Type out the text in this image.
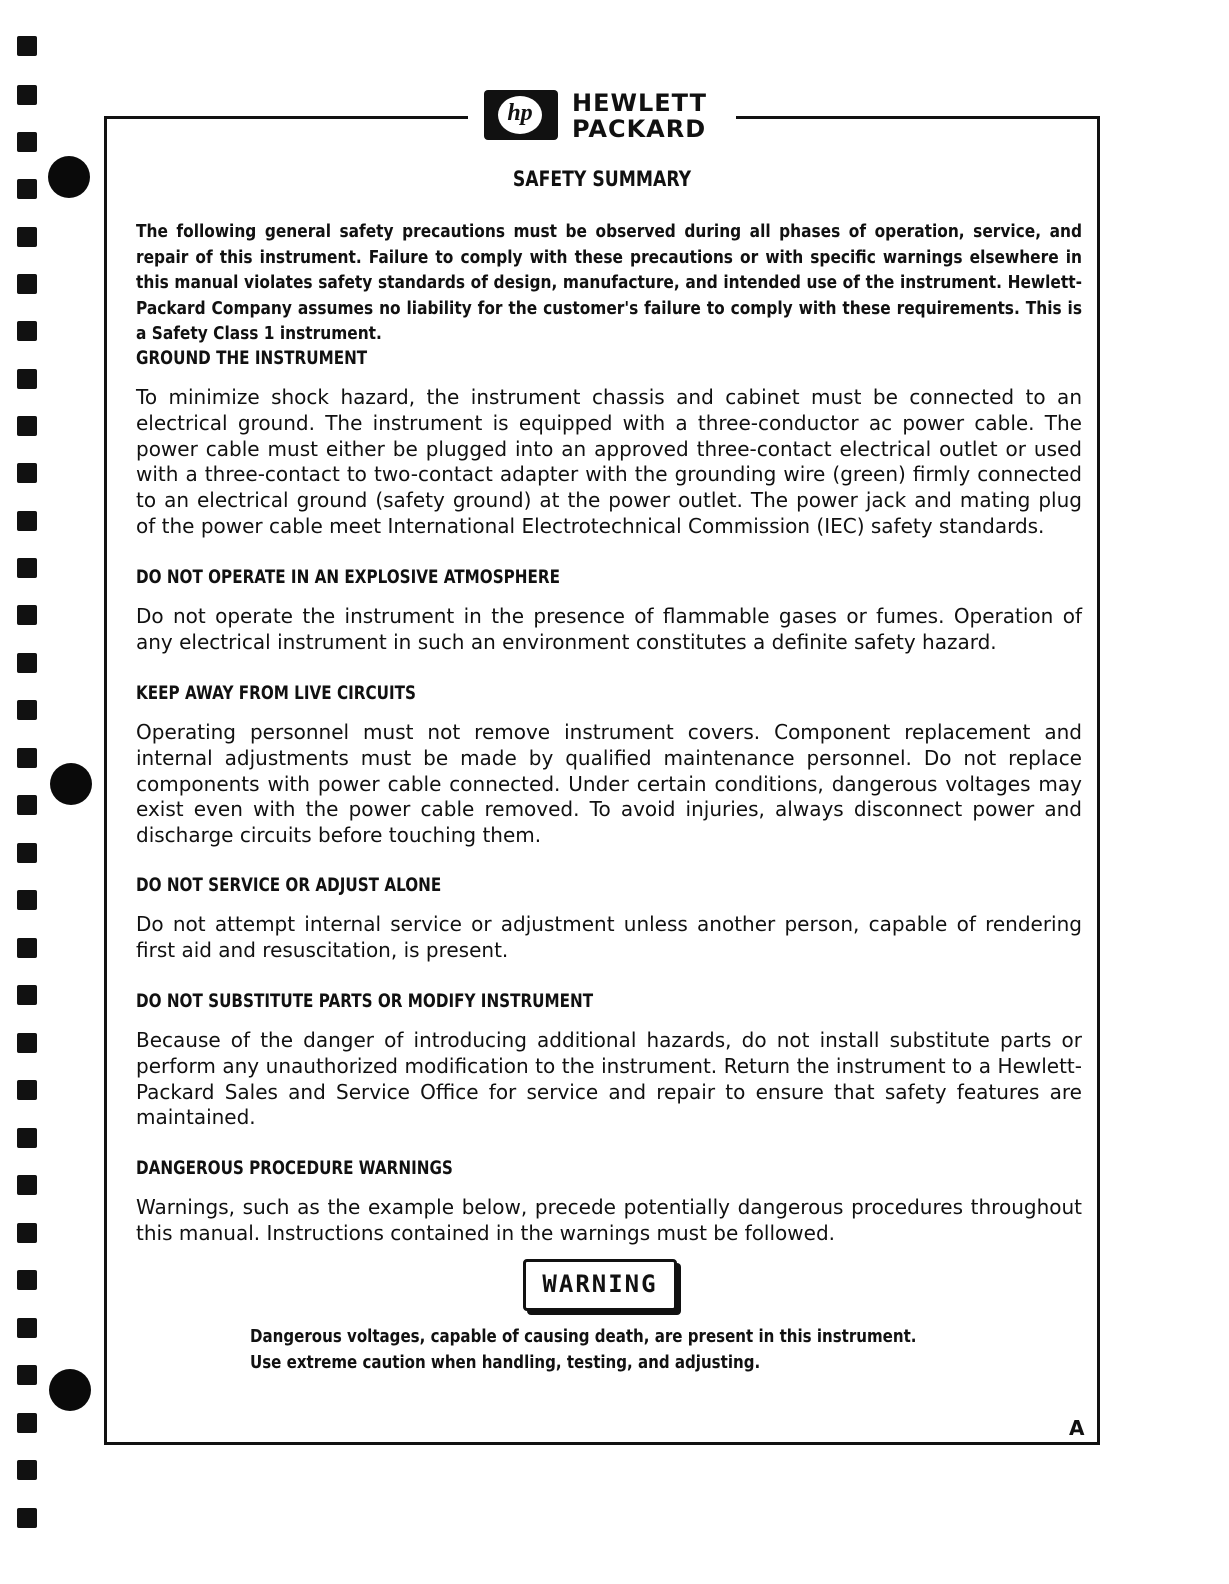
hp	HEWLETT
PACKARD
SAFETY SUMMARY
The following general safety precautions must be observed during all phases of operation, service, and repair of this instrument. Failure to comply with these precautions or with specific warnings elsewhere in this manual violates safety standards of design, manufacture, and intended use of the instrument. Hewlett-Packard Company assumes no liability for the customer's failure to comply with these requirements. This is a Safety Class 1 instrument.
GROUND THE INSTRUMENT
To minimize shock hazard, the instrument chassis and cabinet must be connected to an electrical ground. The instrument is equipped with a three-conductor ac power cable. The power cable must either be plugged into an approved three-contact electrical outlet or used with a three-contact to two-contact adapter with the grounding wire (green) firmly connected to an electrical ground (safety ground) at the power outlet. The power jack and mating plug of the power cable meet International Electrotechnical Commission (IEC) safety standards.
DO NOT OPERATE IN AN EXPLOSIVE ATMOSPHERE
Do not operate the instrument in the presence of flammable gases or fumes. Operation of any electrical instrument in such an environment constitutes a definite safety hazard.
KEEP AWAY FROM LIVE CIRCUITS
Operating personnel must not remove instrument covers. Component replacement and internal adjustments must be made by qualified maintenance personnel. Do not replace components with power cable connected. Under certain conditions, dangerous voltages may exist even with the power cable removed. To avoid injuries, always disconnect power and discharge circuits before touching them.
DO NOT SERVICE OR ADJUST ALONE
Do not attempt internal service or adjustment unless another person, capable of rendering first aid and resuscitation, is present.
DO NOT SUBSTITUTE PARTS OR MODIFY INSTRUMENT
Because of the danger of introducing additional hazards, do not install substitute parts or perform any unauthorized modification to the instrument. Return the instrument to a Hewlett-Packard Sales and Service Office for service and repair to ensure that safety features are maintained.
DANGEROUS PROCEDURE WARNINGS
Warnings, such as the example below, precede potentially dangerous procedures throughout this manual. Instructions contained in the warnings must be followed.
WARNING
Dangerous voltages, capable of causing death, are present in this instrument. Use extreme caution when handling, testing, and adjusting.
A
